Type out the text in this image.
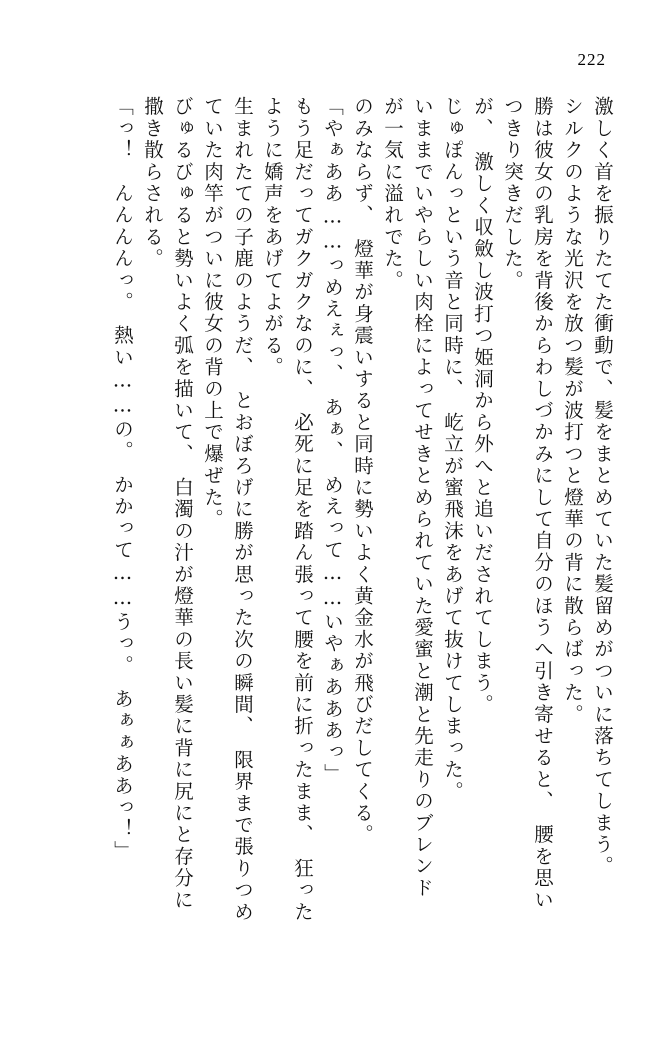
222
激しく首を振りたてた衝動で、髪をまとめていた髪留めがついに落ちてしまう。
シルクのような光沢を放つ髪が波打つと燈華の背に散らばった。
勝は彼女の乳房を背後からわしづかみにして自分のほうへ引き寄せると、　腰を思い
つきり突きだした。
が、　激しく収斂し波打つ姫洞から外へと追いだされてしまう。
じゅぽんっという音と同時に、　屹立が蜜飛沫をあげて抜けてしまった。
いままでいやらしい肉栓によってせきとめられていた愛蜜と潮と先走りのブレンド
が一気に溢れでた。
のみならず、　燈華が身震いすると同時に勢いよく黄金水が飛びだしてくる。
「やぁああ……っめえぇっ、　あぁ、　めえって……いやぁあああっ」
もう足だってガクガクなのに、　必死に足を踏ん張って腰を前に折ったまま、　狂った
ように嬌声をあげてよがる。
生まれたての子鹿のようだ、　とおぼろげに勝が思った次の瞬間、　限界まで張りつめ
ていた肉竿がついに彼女の背の上で爆ぜた。
びゅるびゅると勢いよく弧を描いて、　白濁の汁が燈華の長い髪に背に尻にと存分に
撒き散らされる。
「っ！　んんんんっ。　熱い……の。　かかって……うっ。　あぁぁああっ！」
